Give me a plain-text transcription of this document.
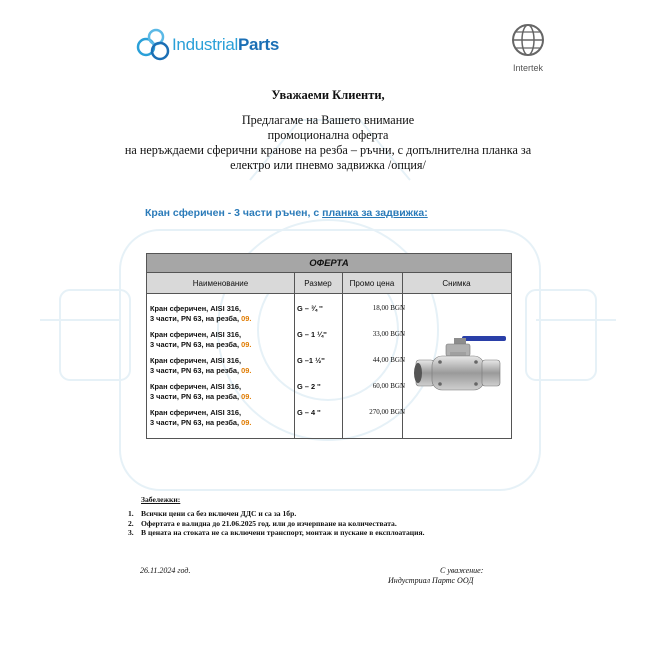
IndustrialParts
Intertek
Уважаеми Клиенти,
Предлагаме на Вашето внимание
промоционална оферта
на неръждаеми сферични кранове на резба – ръчни, с допълнителна планка за
електро или пневмо задвижка /опция/
Кран сферичен - 3 части ръчен, с планка за задвижка:
ОФЕРТА
Наименование	Размер	Промо цена	Снимка
Кран сферичен, AISI 316,
3 части, PN 63, на резба, 09.
G – ¾ ''	18,00 BGN
Кран сферичен, AISI 316,
3 части, PN 63, на резба, 09.
G – 1 ¼''	33,00 BGN
Кран сферичен, AISI 316,
3 части, PN 63, на резба, 09.
G –1 ½''	44,00 BGN
Кран сферичен, AISI 316,
3 части, PN 63, на резба, 09.
G – 2 ''	60,00 BGN
Кран сферичен, AISI 316,
3 части, PN 63, на резба, 09.
G – 4 ''	270,00 BGN
Забележки:
1. Всички цени са без включен ДДС и са за 1бр.
2. Офертата е валидна до 21.06.2025 год. или до изчерпване на количествата.
3. В цената на стоката не са включени транспорт, монтаж и пускане в експлоатация.
26.11.2024 год.	С уважение:
Индустриал Партс ООД
